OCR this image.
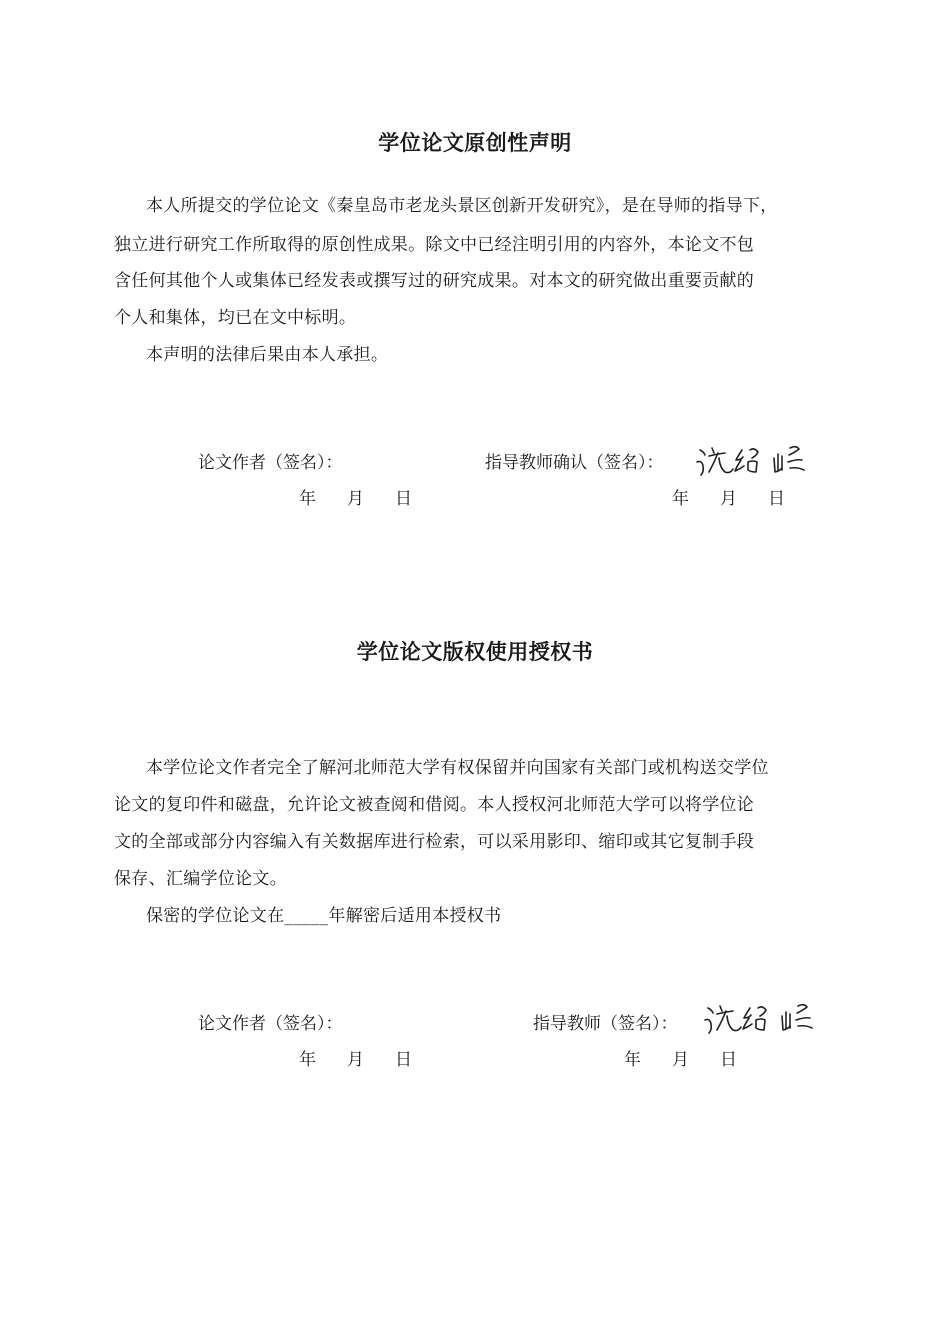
学位论文原创性声明
本人所提交的学位论文《秦皇岛市老龙头景区创新开发研究》，是在导师的指导下，
独立进行研究工作所取得的原创性成果。除文中已经注明引用的内容外，本论文不包
含任何其他个人或集体已经发表或撰写过的研究成果。对本文的研究做出重要贡献的
个人和集体，均已在文中标明。
本声明的法律后果由本人承担。
论文作者（签名）：	指导教师确认（签名）：
年 月 日	年 月 日
学位论文版权使用授权书
本学位论文作者完全了解河北师范大学有权保留并向国家有关部门或机构送交学位
论文的复印件和磁盘，允许论文被查阅和借阅。本人授权河北师范大学可以将学位论
文的全部或部分内容编入有关数据库进行检索，可以采用影印、缩印或其它复制手段
保存、汇编学位论文。
保密的学位论文在_____年解密后适用本授权书
论文作者（签名）：	指导教师（签名）：
年 月 日	年 月 日
